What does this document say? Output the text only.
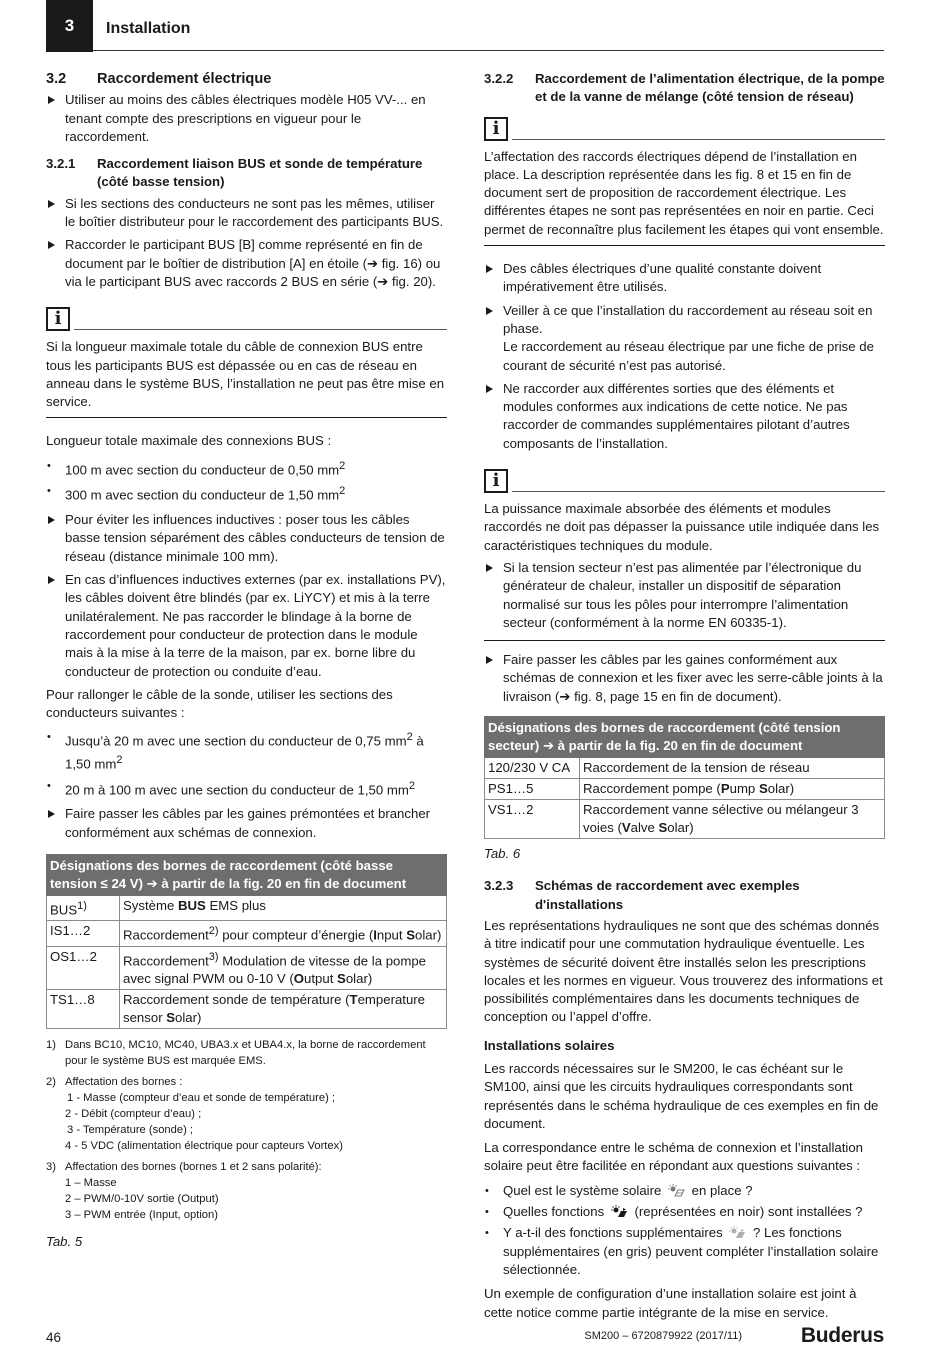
3 Installation
3.2	Raccordement électrique
Utiliser au moins des câbles électriques modèle H05 VV-... en tenant compte des prescriptions en vigueur pour le raccordement.
3.2.1	Raccordement liaison BUS et sonde de température (côté basse tension)
Si les sections des conducteurs ne sont pas les mêmes, utiliser le boîtier distributeur pour le raccordement des participants BUS.
Raccorder le participant BUS [B] comme représenté en fin de document par le boîtier de distribution [A] en étoile (➔ fig. 16) ou via le participant BUS avec raccords 2 BUS en série (➔ fig. 20).
i
Si la longueur maximale totale du câble de connexion BUS entre tous les participants BUS est dépassée ou en cas de réseau en anneau dans le système BUS, l’installation ne peut pas être mise en service.

Longueur totale maximale des connexions BUS :

• 100 m avec section du conducteur de 0,50 $mm^2$
• 300 m avec section du conducteur de 1,50 $mm^2$
Pour éviter les influences inductives : poser tous les câbles basse tension séparément des câbles conducteurs de tension de réseau (distance minimale 100 mm).
En cas d’influences inductives externes (par ex. installations PV), les câbles doivent être blindés (par ex. LiYCY) et mis à la terre unilatéralement. Ne pas raccorder le blindage à la borne de raccordement pour conducteur de protection dans le module mais à la mise à la terre de la maison, par ex. borne libre du conducteur de protection ou conduite d’eau.

Pour rallonger le câble de la sonde, utiliser les sections des conducteurs suivantes :

• Jusqu’à 20 m avec une section du conducteur de 0,75 $mm^2$ à
1,50 $mm^2$
• 20 m à 100 m avec une section du conducteur de 1,50 $mm^2$
Faire passer les câbles par les gaines prémontées et brancher conformément aux schémas de connexion.
Désignations des bornes de raccordement (côté basse tension ≤ 24 V) ➔ à partir de la fig. 20 en fin de document	
BUS$^{1)}$	Système BUS EMS plus
IS1…2	Raccordement$^{2)}$ pour compteur d’énergie (Input Solar)
OS1…2	Raccordement$^{3)}$ Modulation de vitesse de la pompe avec signal PWM ou 0-10 V (Output Solar)
TS1…8	Raccordement sonde de température (Temperature sensor Solar)
1) Dans BC10, MC10, MC40, UBA3.x et UBA4.x, la borne de raccordement pour le système BUS est marquée EMS.
2) Affectation des bornes :
1 - Masse (compteur d’eau et sonde de température) ;
2 - Débit (compteur d’eau) ;
3 - Température (sonde) ;
4 - 5 VDC (alimentation électrique pour capteurs Vortex)
3) Affectation des bornes (bornes 1 et 2 sans polarité):
1 – Masse
2 – PWM/0-10V sortie (Output)
3 – PWM entrée (Input, option)
Tab. 5
3.2.2	Raccordement de l’alimentation électrique, de la pompe et de la vanne de mélange (côté tension de réseau)
i
L’affectation des raccords électriques dépend de l’installation en place. La description représentée dans les fig. 8 et 15 en fin de document sert de proposition de raccordement électrique. Les différentes étapes ne sont pas représentées en noir en partie. Ceci permet de reconnaître plus facilement les étapes qui vont ensemble.
Des câbles électriques d’une qualité constante doivent impérativement être utilisés.
Veiller à ce que l’installation du raccordement au réseau soit en phase.
Le raccordement au réseau électrique par une fiche de prise de courant de sécurité n’est pas autorisé.
Ne raccorder aux différentes sorties que des éléments et modules conformes aux indications de cette notice. Ne pas raccorder de commandes supplémentaires pilotant d’autres composants de l’installation.
i
La puissance maximale absorbée des éléments et modules raccordés ne doit pas dépasser la puissance utile indiquée dans les caractéristiques techniques du module.
Si la tension secteur n’est pas alimentée par l’électronique du générateur de chaleur, installer un dispositif de séparation normalisé sur tous les pôles pour interrompre l’alimentation secteur (conformément à la norme EN 60335-1).
Faire passer les câbles par les gaines conformément aux schémas de connexion et les fixer avec les serre-câble joints à la livraison (➔ fig. 8, page 15 en fin de document).
Désignations des bornes de raccordement (côté tension secteur) ➔ à partir de la fig. 20 en fin de document	
120/230 V CA	Raccordement de la tension de réseau
PS1…5	Raccordement pompe (Pump Solar)
VS1…2	Raccordement vanne sélective ou mélangeur 3 voies (Valve Solar)
Tab. 6
3.2.3	Schémas de raccordement avec exemples d'installations

Les représentations hydrauliques ne sont que des schémas donnés à titre indicatif pour une commutation hydraulique éventuelle. Les systèmes de sécurité doivent être installés selon les prescriptions locales et les normes en vigueur. Vous trouverez des informations et possibilités complémentaires dans les documents techniques de conception ou l’appel d’offre.

Installations solaires

Les raccords nécessaires sur le SM200, le cas échéant sur le SM100, ainsi que les circuits hydrauliques correspondants sont représentés dans le schéma hydraulique de ces exemples en fin de document.

La correspondance entre le schéma de connexion et l’installation solaire peut être facilitée en répondant aux questions suivantes :

• Quel est le système solaire en place ?
• Quelles fonctions (représentées en noir) sont installées ?
• Y a-t-il des fonctions supplémentaires ? Les fonctions supplémentaires (en gris) peuvent compléter l’installation solaire sélectionnée.

Un exemple de configuration d’une installation solaire est joint à cette notice comme partie intégrante de la mise en service.

46	SM200 – 6720879922 (2017/11)	Buderus
